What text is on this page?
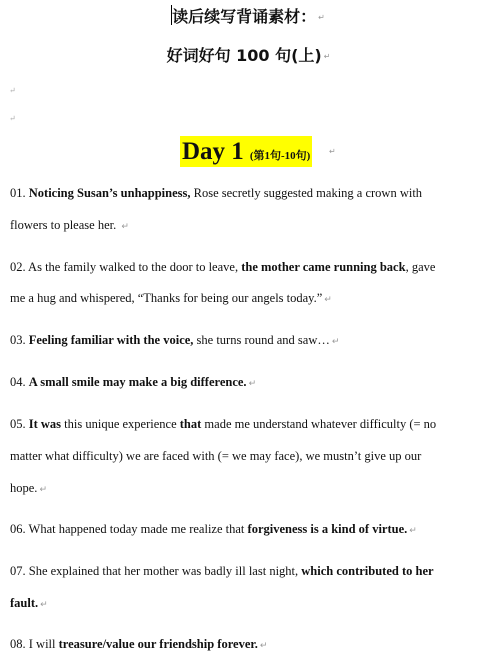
读后续写背诵素材： ↵
好词好句 100 句(上) ↵
↵
↵
Day 1 (第1句-10句) ↵
01. Noticing Susan’s unhappiness, Rose secretly suggested making a crown with
flowers to please her. ↵
02. As the family walked to the door to leave, the mother came running back, gave
me a hug and whispered, “Thanks for being our angels today.” ↵
03. Feeling familiar with the voice, she turns round and saw… ↵
04. A small smile may make a big difference. ↵
05. It was this unique experience that made me understand whatever difficulty (= no
matter what difficulty) we are faced with (= we may face), we mustn’t give up our
hope. ↵
06. What happened today made me realize that forgiveness is a kind of virtue. ↵
07. She explained that her mother was badly ill last night, which contributed to her
fault. ↵
08. I will treasure/value our friendship forever. ↵
